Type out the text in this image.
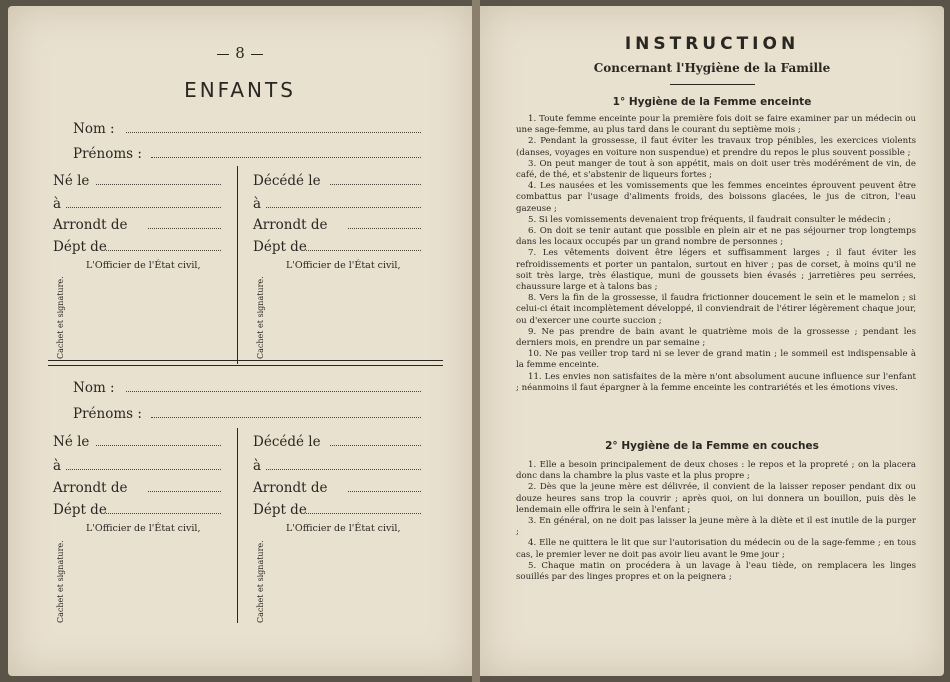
8
ENFANTS
Nom :
Prénoms :
Né le
à
Arrondt de
Dépt de
L'Officier de l'État civil,
Cachet et signature.
Décédé le
à
Arrondt de
Dépt de
L'Officier de l'État civil,
Cachet et signature.
Nom :
Prénoms :
Né le
à
Arrondt de
Dépt de
L'Officier de l'État civil,
Cachet et signature.
Décédé le
à
Arrondt de
Dépt de
L'Officier de l'État civil,
Cachet et signature.
INSTRUCTION
Concernant l'Hygiène de la Famille
1° Hygiène de la Femme enceinte

1. Toute femme enceinte pour la première fois doit se faire examiner par un médecin ou une sage-femme, au plus tard dans le courant du septième mois ;

2. Pendant la grossesse, il faut éviter les travaux trop pénibles, les exercices violents (danses, voyages en voiture non suspendue) et prendre du repos le plus souvent possible ;

3. On peut manger de tout à son appétit, mais on doit user très modérément de vin, de café, de thé, et s'abstenir de liqueurs fortes ;

4. Les nausées et les vomissements que les femmes enceintes éprouvent peuvent être combattus par l'usage d'aliments froids, des boissons glacées, le jus de citron, l'eau gazeuse ;

5. Si les vomissements devenaient trop fréquents, il faudrait consulter le médecin ;

6. On doit se tenir autant que possible en plein air et ne pas séjourner trop longtemps dans les locaux occupés par un grand nombre de personnes ;

7. Les vêtements doivent être légers et suffisamment larges ; il faut éviter les refroidissements et porter un pantalon, surtout en hiver ; pas de corset, à moins qu'il ne soit très large, très élastique, muni de goussets bien évasés ; jarretières peu serrées, chaussure large et à talons bas ;

8. Vers la fin de la grossesse, il faudra frictionner doucement le sein et le mamelon ; si celui-ci était incomplètement développé, il conviendrait de l'étirer légèrement chaque jour, ou d'exercer une courte succion ;

9. Ne pas prendre de bain avant le quatrième mois de la grossesse ; pendant les derniers mois, en prendre un par semaine ;

10. Ne pas veiller trop tard ni se lever de grand matin ; le sommeil est indispensable à la femme enceinte.

11. Les envies non satisfaites de la mère n'ont absolument aucune influence sur l'enfant ; néanmoins il faut épargner à la femme enceinte les contrariétés et les émotions vives.

2° Hygiène de la Femme en couches

1. Elle a besoin principalement de deux choses : le repos et la propreté ; on la placera donc dans la chambre la plus vaste et la plus propre ;

2. Dès que la jeune mère est délivrée, il convient de la laisser reposer pendant dix ou douze heures sans trop la couvrir ; après quoi, on lui donnera un bouillon, puis dès le lendemain elle offrira le sein à l'enfant ;

3. En général, on ne doit pas laisser la jeune mère à la diète et il est inutile de la purger ;

4. Elle ne quittera le lit que sur l'autorisation du médecin ou de la sage-femme ; en tous cas, le premier lever ne doit pas avoir lieu avant le 9me jour ;

5. Chaque matin on procédera à un lavage à l'eau tiède, on remplacera les linges souillés par des linges propres et on la peignera ;
